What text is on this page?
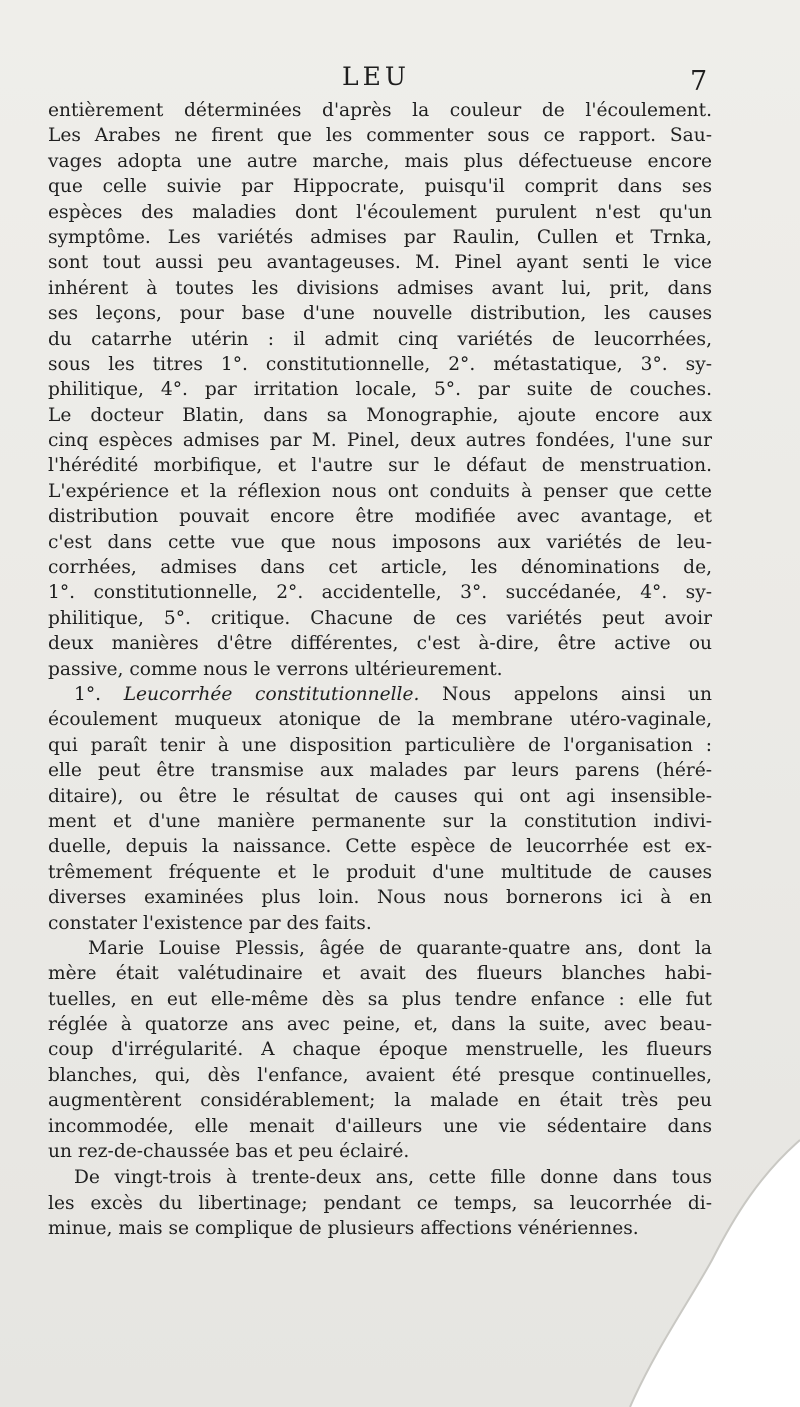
LEU	7
entièrement déterminées d'après la couleur de l'écoulement.
Les Arabes ne firent que les commenter sous ce rapport. Sau-
vages adopta une autre marche, mais plus défectueuse encore
que celle suivie par Hippocrate, puisqu'il comprit dans ses
espèces des maladies dont l'écoulement purulent n'est qu'un
symptôme. Les variétés admises par Raulin, Cullen et Trnka,
sont tout aussi peu avantageuses. M. Pinel ayant senti le vice
inhérent à toutes les divisions admises avant lui, prit, dans
ses leçons, pour base d'une nouvelle distribution, les causes
du catarrhe utérin : il admit cinq variétés de leucorrhées,
sous les titres 1°. constitutionnelle, 2°. métastatique, 3°. sy-
philitique, 4°. par irritation locale, 5°. par suite de couches.
Le docteur Blatin, dans sa Monographie, ajoute encore aux
cinq espèces admises par M. Pinel, deux autres fondées, l'une sur
l'hérédité morbifique, et l'autre sur le défaut de menstruation.
L'expérience et la réflexion nous ont conduits à penser que cette
distribution pouvait encore être modifiée avec avantage, et
c'est dans cette vue que nous imposons aux variétés de leu-
corrhées, admises dans cet article, les dénominations de,
1°. constitutionnelle, 2°. accidentelle, 3°. succédanée, 4°. sy-
philitique, 5°. critique. Chacune de ces variétés peut avoir
deux manières d'être différentes, c'est à-dire, être active ou
passive, comme nous le verrons ultérieurement.
1°. Leucorrhée constitutionnelle. Nous appelons ainsi un
écoulement muqueux atonique de la membrane utéro-vaginale,
qui paraît tenir à une disposition particulière de l'organisation :
elle peut être transmise aux malades par leurs parens (héré-
ditaire), ou être le résultat de causes qui ont agi insensible-
ment et d'une manière permanente sur la constitution indivi-
duelle, depuis la naissance. Cette espèce de leucorrhée est ex-
trêmement fréquente et le produit d'une multitude de causes
diverses examinées plus loin. Nous nous bornerons ici à en
constater l'existence par des faits.
Marie Louise Plessis, âgée de quarante-quatre ans, dont la
mère était valétudinaire et avait des flueurs blanches habi-
tuelles, en eut elle-même dès sa plus tendre enfance : elle fut
réglée à quatorze ans avec peine, et, dans la suite, avec beau-
coup d'irrégularité. A chaque époque menstruelle, les flueurs
blanches, qui, dès l'enfance, avaient été presque continuelles,
augmentèrent considérablement; la malade en était très peu
incommodée, elle menait d'ailleurs une vie sédentaire dans
un rez-de-chaussée bas et peu éclairé.
De vingt-trois à trente-deux ans, cette fille donne dans tous
les excès du libertinage; pendant ce temps, sa leucorrhée di-
minue, mais se complique de plusieurs affections vénériennes.
